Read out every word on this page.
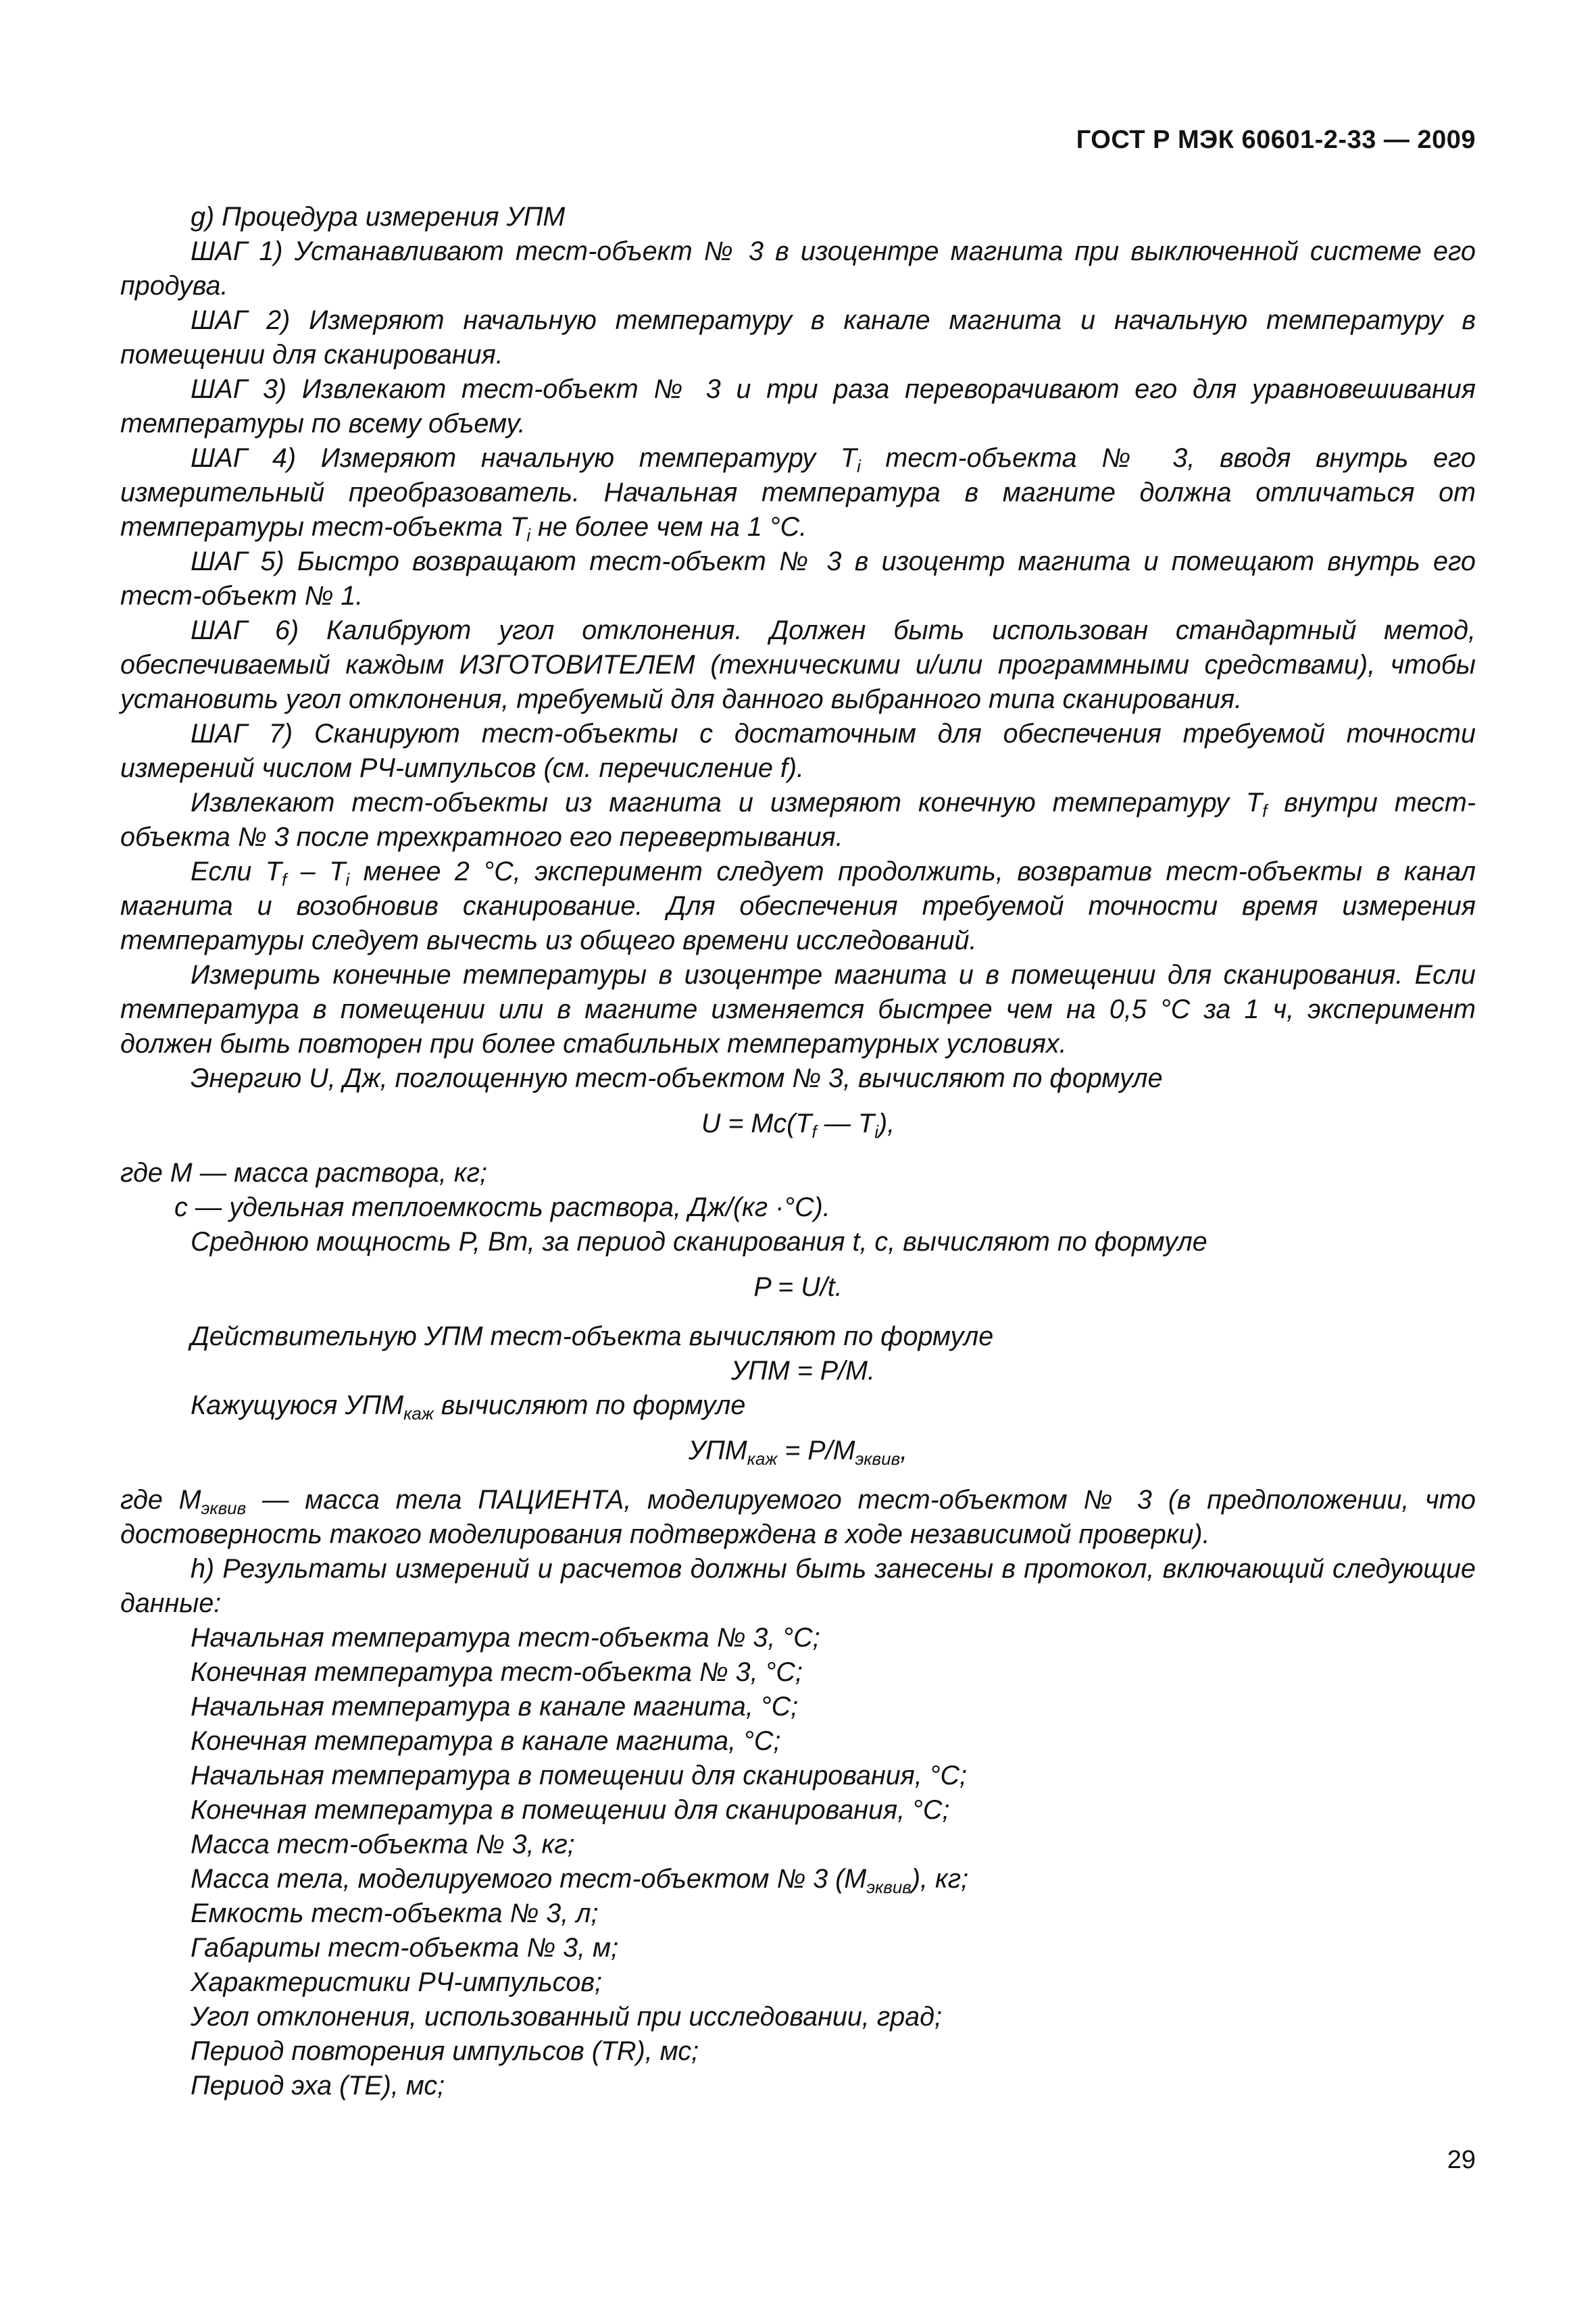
ГОСТ Р МЭК 60601-2-33 — 2009

g) Процедура измерения УПМ

ШАГ 1) Устанавливают тест-объект № 3 в изоцентре магнита при выключенной системе его продува.

ШАГ 2) Измеряют начальную температуру в канале магнита и начальную температуру в помещении для сканирования.

ШАГ 3) Извлекают тест-объект № 3 и три раза переворачивают его для уравновешивания температуры по всему объему.

ШАГ 4) Измеряют начальную температуру $T_i$ тест-объекта № 3, вводя внутрь его измерительный преобразователь. Начальная температура в магните должна отличаться от температуры тест-объекта $T_i$ не более чем на 1 °C.

ШАГ 5) Быстро возвращают тест-объект № 3 в изоцентр магнита и помещают внутрь его тест-объект № 1.

ШАГ 6) Калибруют угол отклонения. Должен быть использован стандартный метод, обеспечиваемый каждым ИЗГОТОВИТЕЛЕМ (техническими и/или программными средствами), чтобы установить угол отклонения, требуемый для данного выбранного типа сканирования.

ШАГ 7) Сканируют тест-объекты с достаточным для обеспечения требуемой точности измерений числом РЧ-импульсов (см. перечисление f).

Извлекают тест-объекты из магнита и измеряют конечную температуру $T_f$ внутри тест-объекта № 3 после трехкратного его перевертывания.

Если $T_f - T_i$ менее 2 °C, эксперимент следует продолжить, возвратив тест-объекты в канал магнита и возобновив сканирование. Для обеспечения требуемой точности время измерения температуры следует вычесть из общего времени исследований.

Измерить конечные температуры в изоцентре магнита и в помещении для сканирования. Если температура в помещении или в магните изменяется быстрее чем на 0,5 °C за 1 ч, эксперимент должен быть повторен при более стабильных температурных условиях.

Энергию U, Дж, поглощенную тест-объектом № 3, вычисляют по формуле

$U = Mc(T_f$ — $T_i$),

где M — масса раствора, кг;

c — удельная теплоемкость раствора, Дж/(кг ·°C).

Среднюю мощность P, Вт, за период сканирования t, с, вычисляют по формуле

P = U/t.

Действительную УПМ тест-объекта вычисляют по формуле

УПМ = P/M.

Кажущуюся $УПМ_{каж}$ вычисляют по формуле

$УПМ_{каж} = P/M_{эквив}$,

где $M_{эквив}$ — масса тела ПАЦИЕНТА, моделируемого тест-объектом № 3 (в предположении, что достоверность такого моделирования подтверждена в ходе независимой проверки).

h) Результаты измерений и расчетов должны быть занесены в протокол, включающий следующие данные:

Начальная температура тест-объекта № 3, °C;

Конечная температура тест-объекта № 3, °C;

Начальная температура в канале магнита, °C;

Конечная температура в канале магнита, °C;

Начальная температура в помещении для сканирования, °C;

Конечная температура в помещении для сканирования, °C;

Масса тест-объекта № 3, кг;

Масса тела, моделируемого тест-объектом № 3 $(M_{эквив})$, кг;

Емкость тест-объекта № 3, л;

Габариты тест-объекта № 3, м;

Характеристики РЧ-импульсов;

Угол отклонения, использованный при исследовании, град;

Период повторения импульсов (TR), мс;

Период эха (TE), мс;

29
